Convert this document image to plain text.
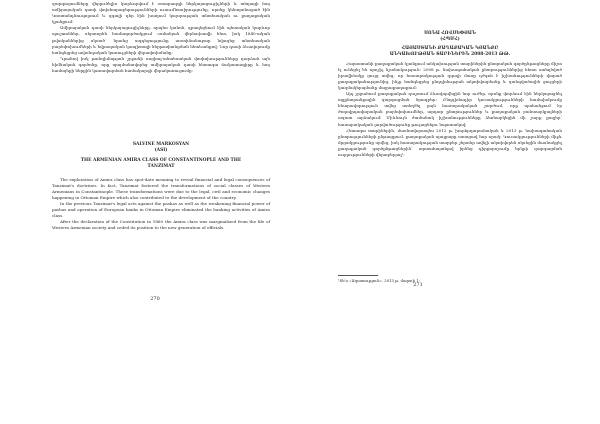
զարգացումները վերլուծելիս կարևորվում է օտարազգի ներկայացուցիչների և տեղացի հայ ամիրայական դասի փոխհարաբերությունների ուսումնասիրությունը, որոնք կենտրոնացած էին Կոստանդնուպոլսում և զգալի դեր էին խաղում կայսրության տնտեսական ու քաղաքական կյանքում:

Ամիրայական դասի ներկայացուցիչները, որպես կանոն, զբաղեցնում էին պետական կարևոր պաշտոններ, սերտորեն համագործակցում օսմանյան վերնախավի հետ, իսկ 1840-ական թվականներից սկսած՝ նրանց ազդեցությունը աստիճանաբար նվազեց տնտեսական բարեփոխումների և եվրոպական կապիտալի ներթափանցման հետևանքով: Նոր դասի ձևավորումը հանգեցրեց ավանդական կառույցների վերափոխմանը:

Դրանով իսկ թանզիմաթյան շրջանի սոցիալ-տնտեսական փոփոխությունները դարձան այն հիմնական գործոնը, որը պայմանավորեց ամիրայական դասի հետագա ճակատագիրը և հայ համայնքի ներքին կառավարման համակարգի վերակառուցումը:

SALVINE MARKOSYAN

(ASI)

THE ARMENIAN AMIRA CLASS OF CONSTANTINOPLE AND THE TANZIMAT

The exploration of Amira class has spot-date meaning to reveal financial and legal consequences of Tanzimat's doctrines. In fact, Tanzimat fostered the transformations of social classes of Western Armenians in Constantinople. These transformations were due to the legal, civil and economic changes happening in Ottoman Empire which also contributed to the development of the country.

In the previous Tanzimat's legal acts against the pashas as well as the weakening financial power of pashas and operation of European banks in Ottoman Empire eliminated the banking activities of Amira class.

After the declaration of the Constitution in 1860 the Amira class was marginalized from the life of Western Armenian society and ceded its position to the new generation of officials.

270

ՍՈՆԱ ՀՈՎՍԵՓՅԱՆ

(ՀՊՄՀ)

ՀԱՅԱՍՏԱՆԻ ՔԱՂԱՔԱԿԱՆ ԿՅԱՆՔԸ

ԱՆԿԱԽՈՒԹՅԱՆ ՏԱՐԻՆԵՐԻՆ 2008-2013 ԹԹ.

Հայաստանի քաղաքական կյանքում անկախության տարիներին ընտրական գործընթացները միշտ էլ ունեցել են որոշիչ նշանակություն: 2008 թ. նախագահական ընտրություններից հետո ստեղծված իրավիճակը ցույց տվեց, որ հասարակության զգալի մասը դժգոհ է իշխանությունների վարած քաղաքականությունից, ինչը հանգեցրեց ընդդիմության ակտիվացմանը և զանգվածային ցույցերի կազմակերպմանը մայրաքաղաքում:

Այդ շրջանում քաղաքական դաշտում ձևավորվեցին նոր ուժեր, որոնք փորձում էին ներկայացնել այլընտրանքային զարգացման ծրագրեր: Ընդդիմադիր կուսակցությունների համախմբումը հնարավորություն տվեց ստեղծել լայն հասարակական շարժում, որը պահանջում էր ժողովրդավարական բարեփոխումներ, արդար ընտրություններ և քաղաքական բանտարկյալների ազատ արձակում: Միևնույն ժամանակ իշխանությունները ձեռնարկեցին մի շարք քայլեր՝ հասարակական լարվածությունը թուլացնելու նպատակով:

Հետագա տարիներին, մասնավորապես 2012 թ. խորհրդարանական և 2013 թ. նախագահական ընտրությունների ընթացքում, քաղաքական պայքարը ստացավ նոր որակ: Կուսակցությունների միջև մրցակցությունը սրվեց, իսկ հասարակության տարբեր շերտեր ավելի ակտիվորեն սկսեցին մասնակցել քաղաքական գործընթացներին՝ արտահայտելով իրենց դիրքորոշումը երկրի զարգացման ուղղությունների վերաբերյալ¹:

¹Տե՛ս «Ազատություն», 2013 թ. մարտի 1:

271
